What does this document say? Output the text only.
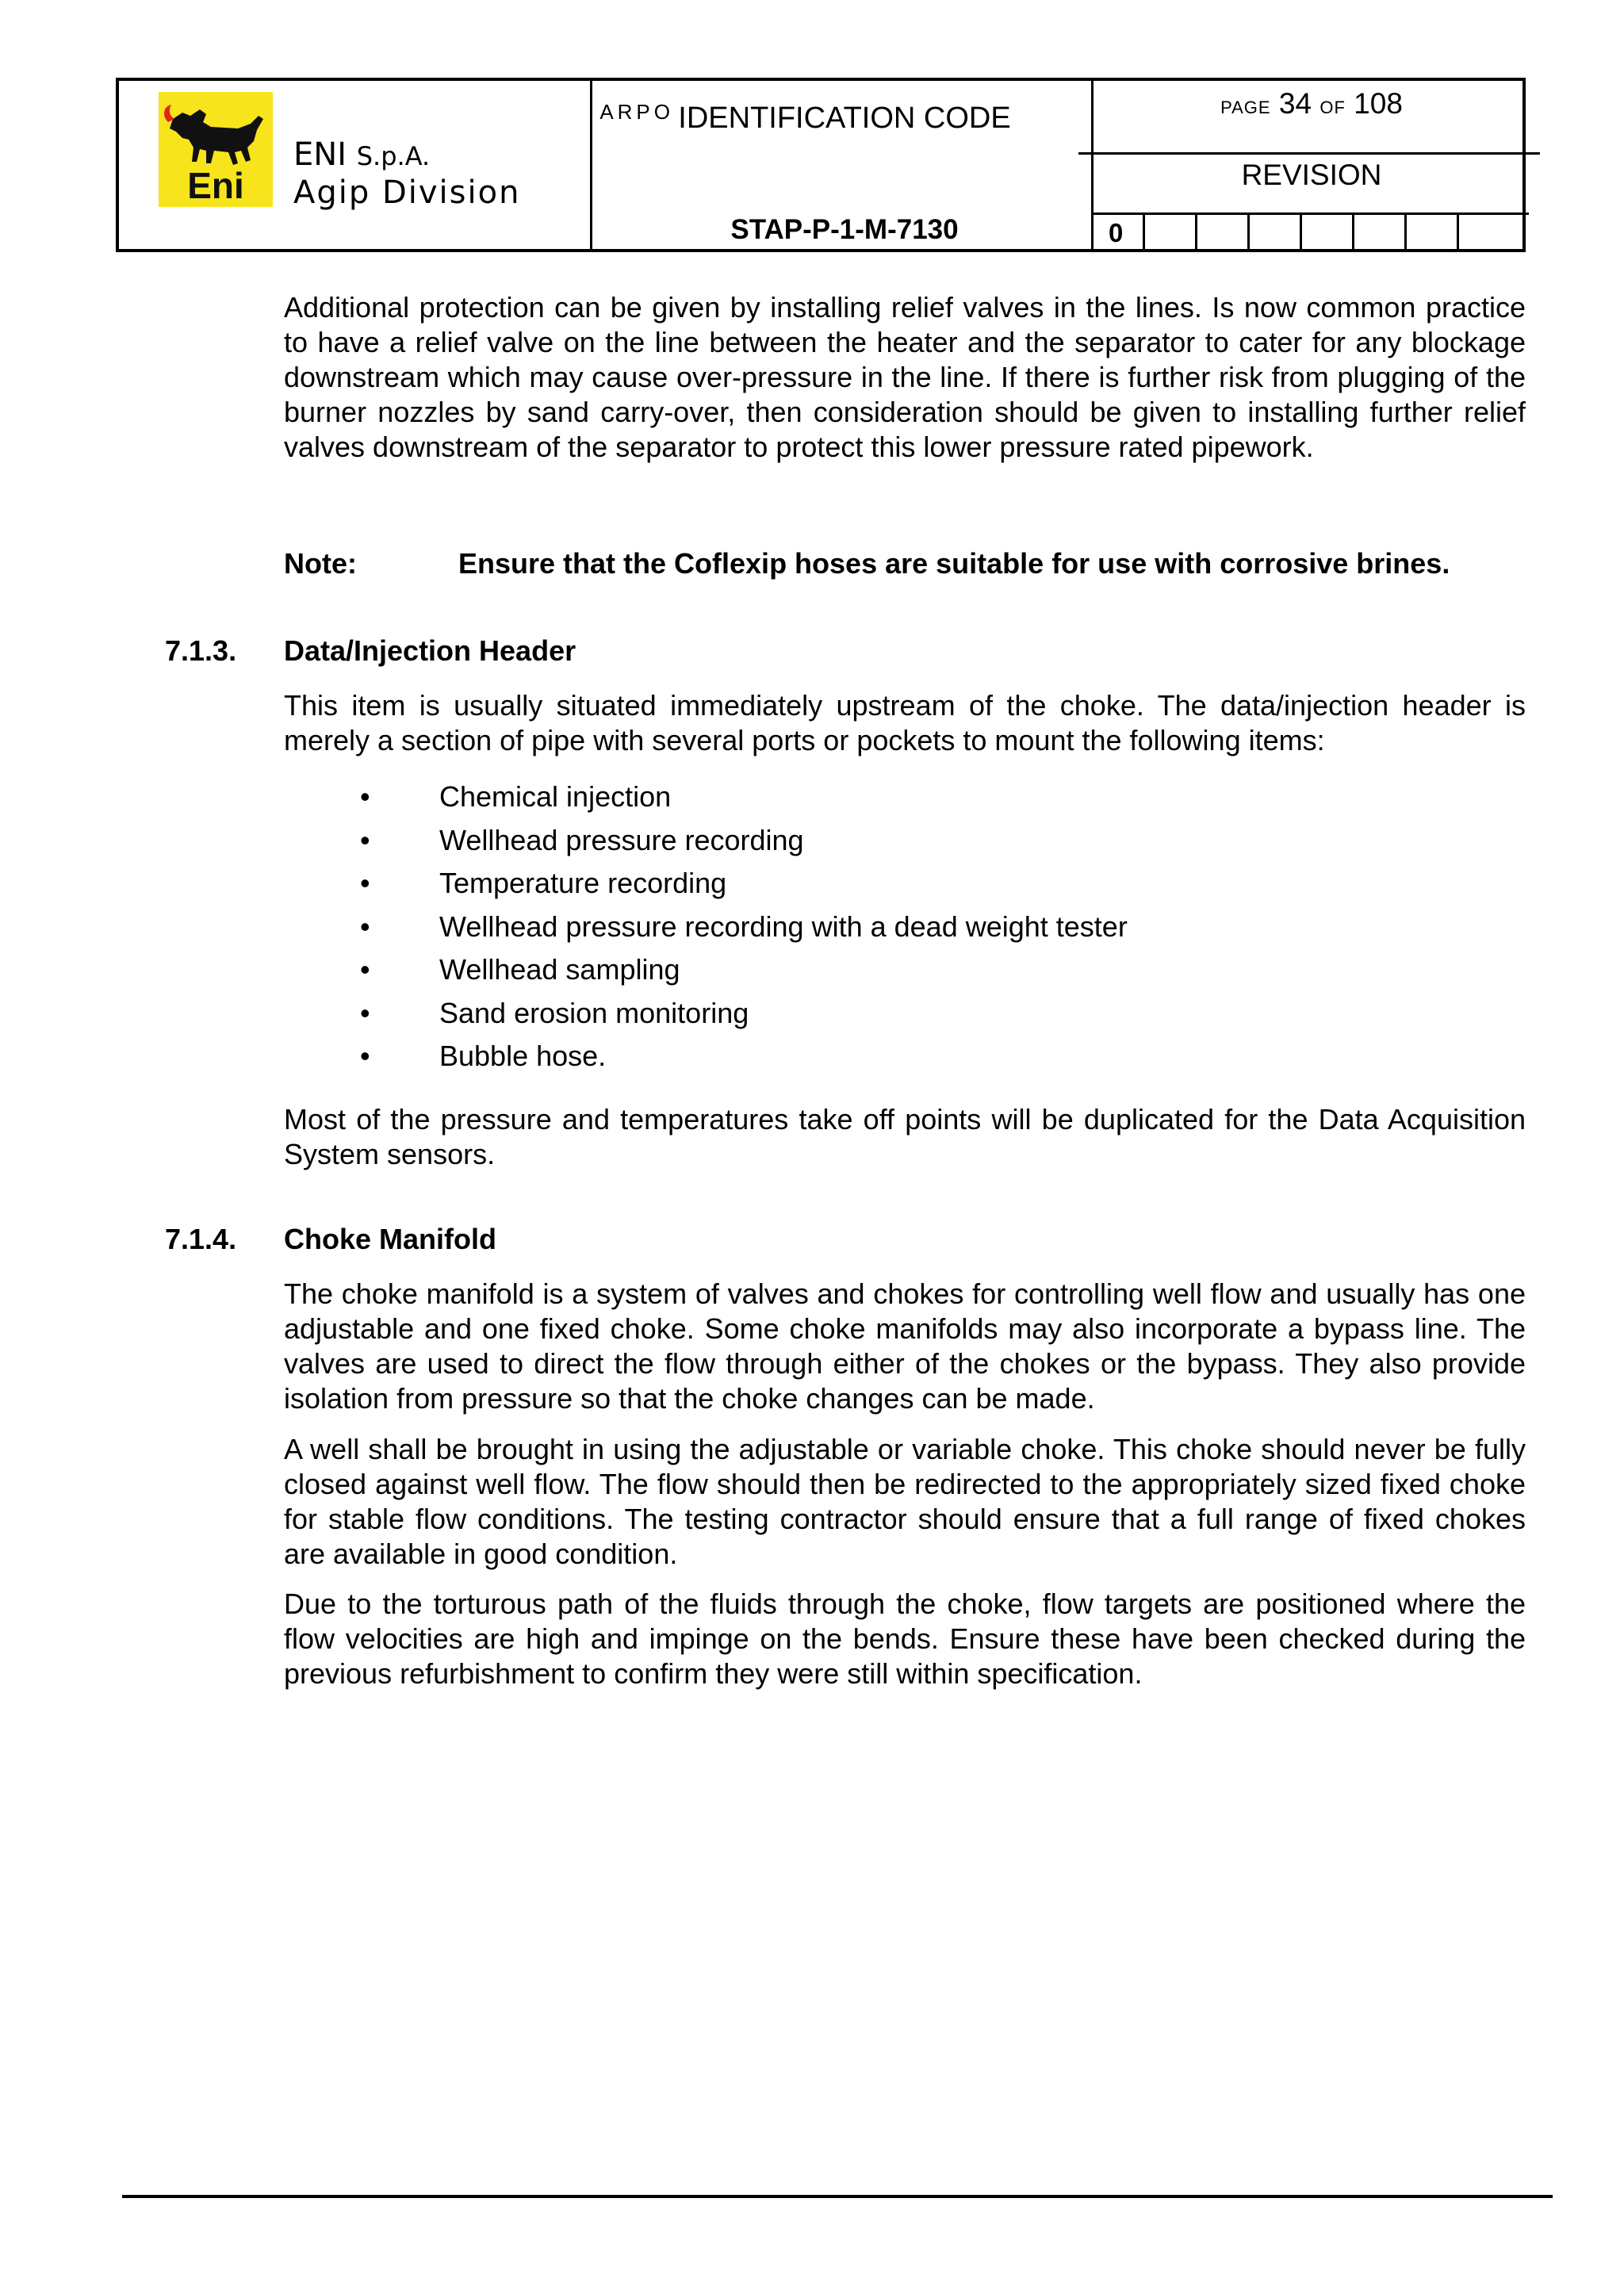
Eni
ARPO
ENI S.p.A.
Agip Division
IDENTIFICATION CODE
STAP-P-1-M-7130
PAGE 34 OF 108
REVISION
0

Additional protection can be given by installing relief valves in the lines. Is now common practice to have a relief valve on the line between the heater and the separator to cater for any blockage downstream which may cause over-pressure in the line. If there is further risk from plugging of the burner nozzles by sand carry-over, then consideration should be given to installing further relief valves downstream of the separator to protect this lower pressure rated pipework.

Note:	Ensure that the Coflexip hoses are suitable for use with corrosive brines.
7.1.3. Data/Injection Header

This item is usually situated immediately upstream of the choke. The data/injection header is merely a section of pipe with several ports or pockets to mount the following items:

• Chemical injection
• Wellhead pressure recording
• Temperature recording
• Wellhead pressure recording with a dead weight tester
• Wellhead sampling
• Sand erosion monitoring
• Bubble hose.

Most of the pressure and temperatures take off points will be duplicated for the Data Acquisition System sensors.

7.1.4. Choke Manifold

The choke manifold is a system of valves and chokes for controlling well flow and usually has one adjustable and one fixed choke. Some choke manifolds may also incorporate a bypass line. The valves are used to direct the flow through either of the chokes or the bypass. They also provide isolation from pressure so that the choke changes can be made.

A well shall be brought in using the adjustable or variable choke. This choke should never be fully closed against well flow. The flow should then be redirected to the appropriately sized fixed choke for stable flow conditions. The testing contractor should ensure that a full range of fixed chokes are available in good condition.

Due to the torturous path of the fluids through the choke, flow targets are positioned where the flow velocities are high and impinge on the bends. Ensure these have been checked during the previous refurbishment to confirm they were still within specification.
